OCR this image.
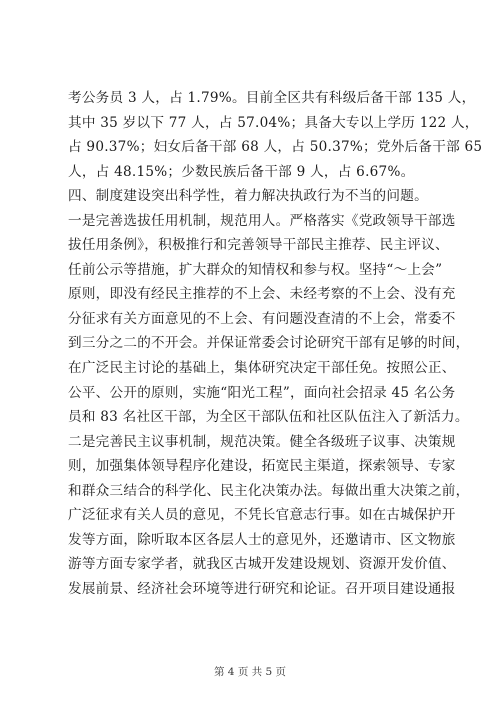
考公务员 3 人，占 1.79%。目前全区共有科级后备干部 135 人，
其中 35 岁以下 77 人，占 57.04%；具备大专以上学历 122 人，
占 90.37%；妇女后备干部 68 人，占 50.37%；党外后备干部 65
人，占 48.15%；少数民族后备干部 9 人，占 6.67%。
四、制度建设突出科学性，着力解决执政行为不当的问题。
一是完善选拔任用机制，规范用人。严格落实《党政领导干部选
拔任用条例》，积极推行和完善领导干部民主推荐、民主评议、
任前公示等措施，扩大群众的知情权和参与权。坚持“～上会”
原则，即没有经民主推荐的不上会、未经考察的不上会、没有充
分征求有关方面意见的不上会、有问题没查清的不上会，常委不
到三分之二的不开会。并保证常委会讨论研究干部有足够的时间，
在广泛民主讨论的基础上，集体研究决定干部任免。按照公正、
公平、公开的原则，实施“阳光工程”，面向社会招录 45 名公务
员和 83 名社区干部，为全区干部队伍和社区队伍注入了新活力。
二是完善民主议事机制，规范决策。健全各级班子议事、决策规
则，加强集体领导程序化建设，拓宽民主渠道，探索领导、专家
和群众三结合的科学化、民主化决策办法。每做出重大决策之前，
广泛征求有关人员的意见，不凭长官意志行事。如在古城保护开
发等方面，除听取本区各层人士的意见外，还邀请市、区文物旅
游等方面专家学者，就我区古城开发建设规划、资源开发价值、
发展前景、经济社会环境等进行研究和论证。召开项目建设通报
第 4 页 共 5 页
